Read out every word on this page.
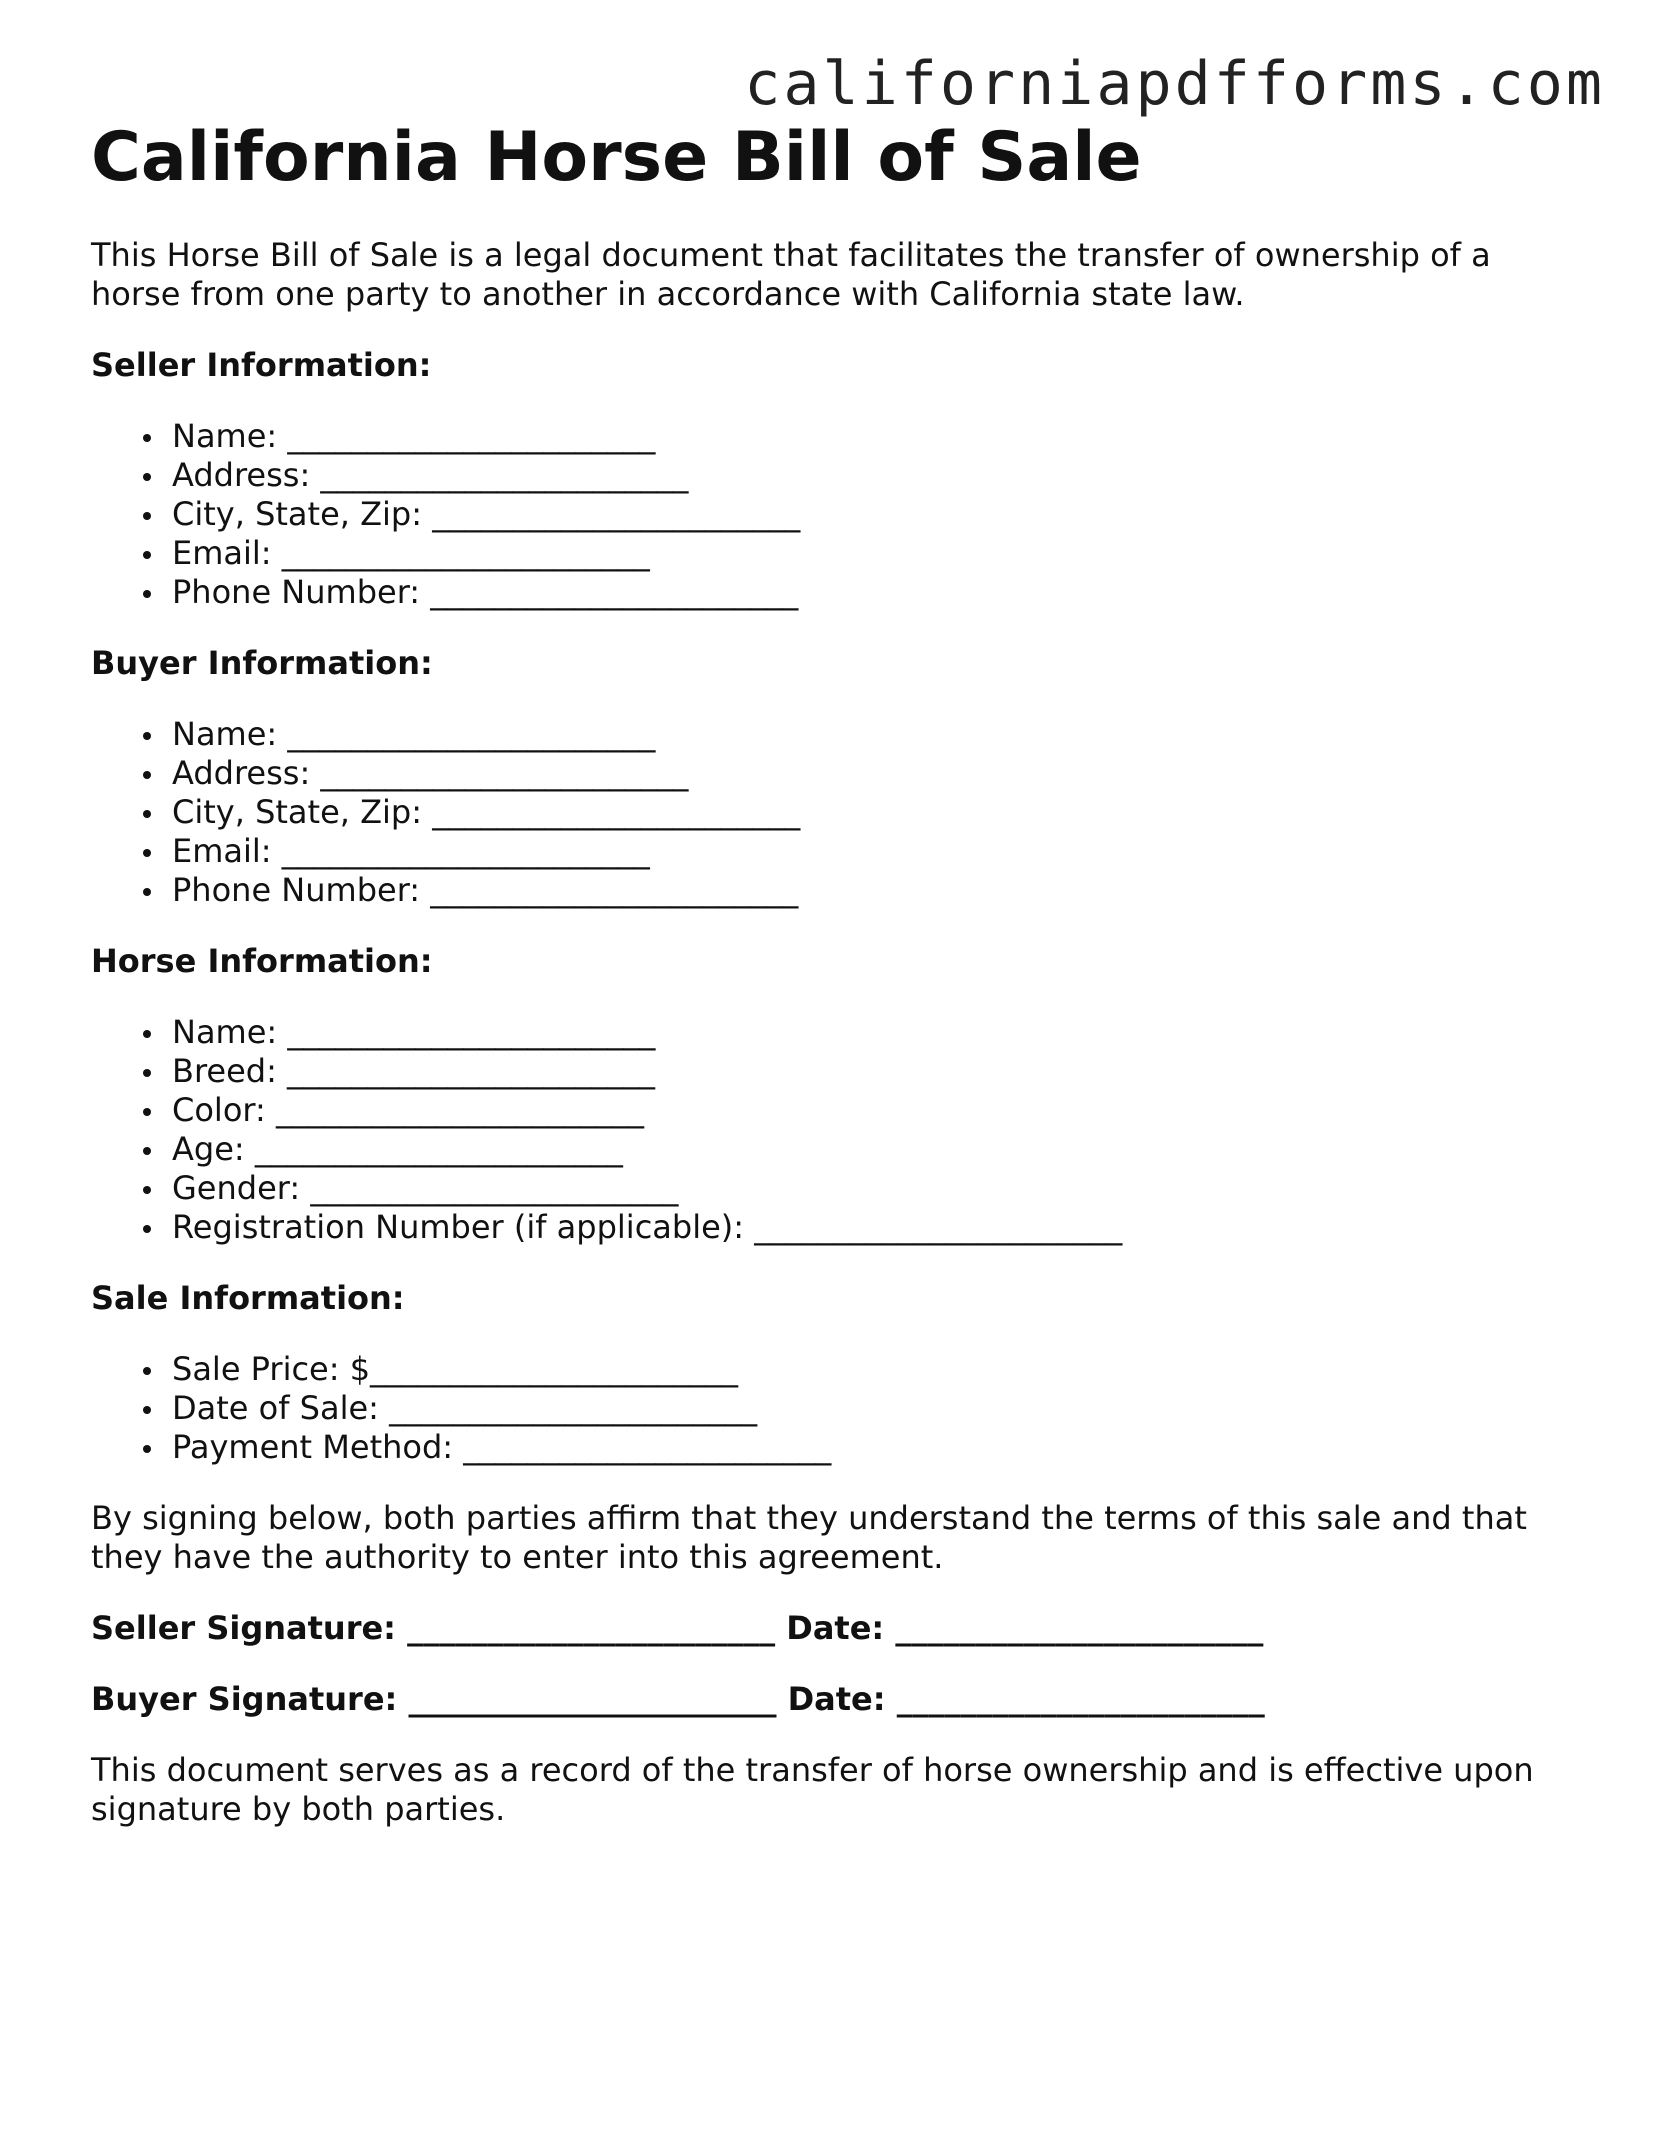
californiapdfforms.com
California Horse Bill of Sale

This Horse Bill of Sale is a legal document that facilitates the transfer of ownership of a horse from one party to another in accordance with California state law.

Seller Information:
Name: _______________________
Address: _______________________
City, State, Zip: _______________________
Email: _______________________
Phone Number: _______________________
Buyer Information:
Name: _______________________
Address: _______________________
City, State, Zip: _______________________
Email: _______________________
Phone Number: _______________________
Horse Information:
Name: _______________________
Breed: _______________________
Color: _______________________
Age: _______________________
Gender: _______________________
Registration Number (if applicable): _______________________
Sale Information:
Sale Price: $_______________________
Date of Sale: _______________________
Payment Method: _______________________

By signing below, both parties affirm that they understand the terms of this sale and that they have the authority to enter into this agreement.

Seller Signature: _______________________ Date: _______________________
Buyer Signature: _______________________ Date: _______________________

This document serves as a record of the transfer of horse ownership and is effective upon signature by both parties.
